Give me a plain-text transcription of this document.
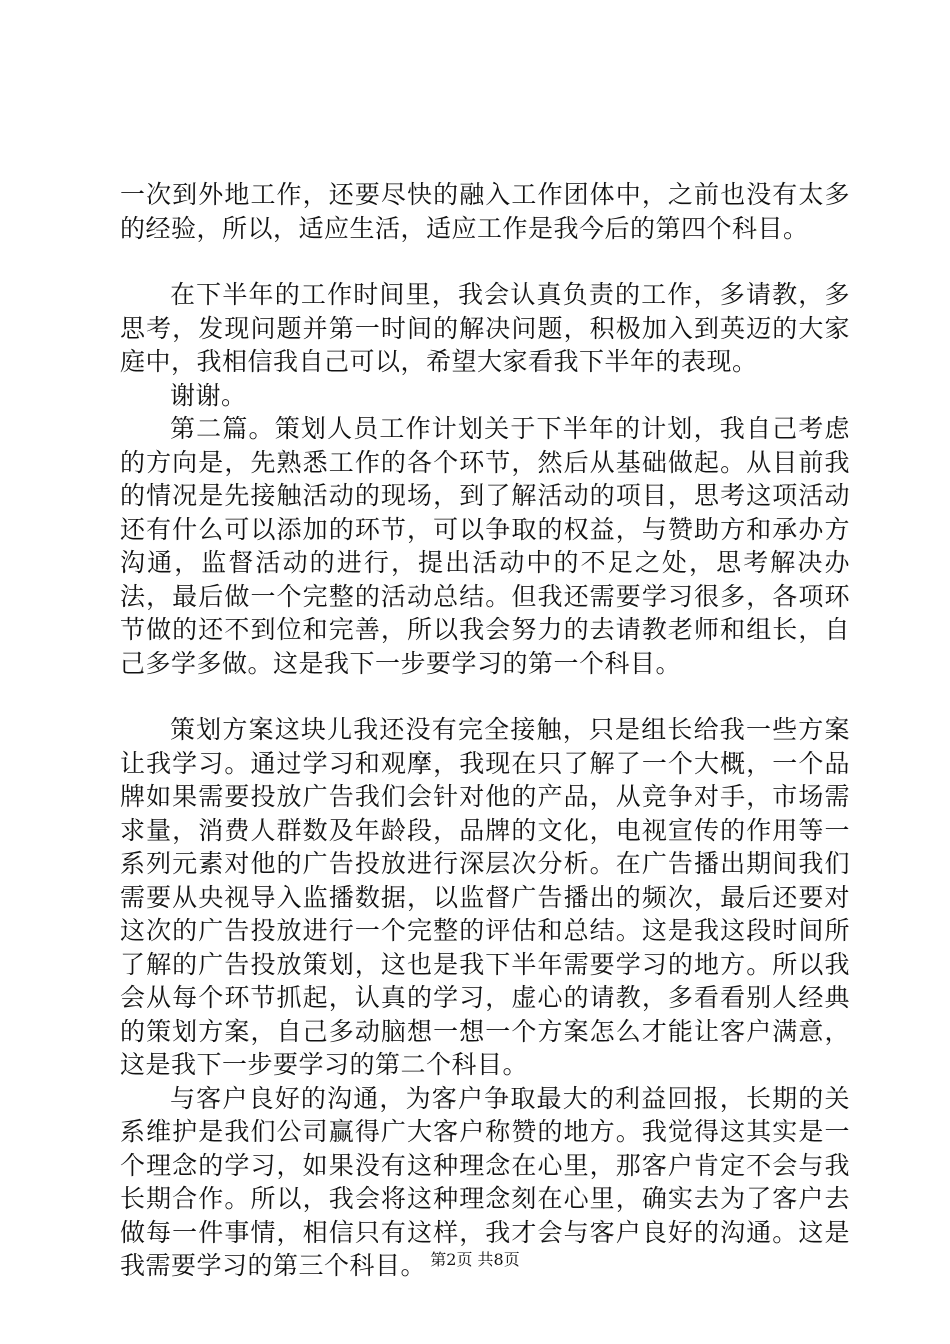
一次到外地工作，还要尽快的融入工作团体中，之前也没有太多的经验，所以，适应生活，适应工作是我今后的第四个科目。

在下半年的工作时间里，我会认真负责的工作，多请教，多思考，发现问题并第一时间的解决问题，积极加入到英迈的大家庭中，我相信我自己可以，希望大家看我下半年的表现。

谢谢。

第二篇。策划人员工作计划关于下半年的计划，我自己考虑的方向是，先熟悉工作的各个环节，然后从基础做起。从目前我的情况是先接触活动的现场，到了解活动的项目，思考这项活动还有什么可以添加的环节，可以争取的权益，与赞助方和承办方沟通，监督活动的进行，提出活动中的不足之处，思考解决办法，最后做一个完整的活动总结。但我还需要学习很多，各项环节做的还不到位和完善，所以我会努力的去请教老师和组长，自己多学多做。这是我下一步要学习的第一个科目。

策划方案这块儿我还没有完全接触，只是组长给我一些方案让我学习。通过学习和观摩，我现在只了解了一个大概，一个品牌如果需要投放广告我们会针对他的产品，从竞争对手，市场需求量，消费人群数及年龄段，品牌的文化，电视宣传的作用等一系列元素对他的广告投放进行深层次分析。在广告播出期间我们需要从央视导入监播数据，以监督广告播出的频次，最后还要对这次的广告投放进行一个完整的评估和总结。这是我这段时间所了解的广告投放策划，这也是我下半年需要学习的地方。所以我会从每个环节抓起，认真的学习，虚心的请教，多看看别人经典的策划方案，自己多动脑想一想一个方案怎么才能让客户满意，这是我下一步要学习的第二个科目。

与客户良好的沟通，为客户争取最大的利益回报，长期的关系维护是我们公司赢得广大客户称赞的地方。我觉得这其实是一个理念的学习，如果没有这种理念在心里，那客户肯定不会与我长期合作。所以，我会将这种理念刻在心里，确实去为了客户去做每一件事情，相信只有这样，我才会与客户良好的沟通。这是我需要学习的第三个科目。 第2页 共8页
